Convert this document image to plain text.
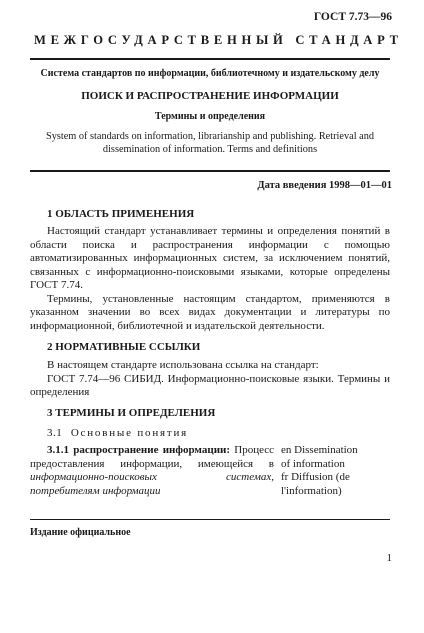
ГОСТ 7.73—96
МЕЖГОСУДАРСТВЕННЫЙ СТАНДАРТ
Система стандартов по информации, библиотечному и издательскому делу
ПОИСК И РАСПРОСТРАНЕНИЕ ИНФОРМАЦИИ
Термины и определения
System of standards on information, librarianship and publishing. Retrieval and dissemination of information. Terms and definitions
Дата введения 1998—01—01
1 ОБЛАСТЬ ПРИМЕНЕНИЯ

Настоящий стандарт устанавливает термины и определения понятий в области поиска и распространения информации с помощью автоматизированных информационных систем, за исключением понятий, связанных с информационно-поисковыми языками, которые определены ГОСТ 7.74.

Термины, установленные настоящим стандартом, применяются в указанном значении во всех видах документации и литературы по информационной, библиотечной и издательской деятельности.

2 НОРМАТИВНЫЕ ССЫЛКИ

В настоящем стандарте использована ссылка на стандарт:

ГОСТ 7.74—96 СИБИД. Информационно-поисковые языки. Термины и определения

3 ТЕРМИНЫ И ОПРЕДЕЛЕНИЯ
3.1 Основные понятия
3.1.1 распространение информации: Процесс предоставления информации, имеющейся в информационно-поисковых системах, потребителям информации
en Dissemination
of information
fr Diffusion (de
l'information)
Издание официальное
1
